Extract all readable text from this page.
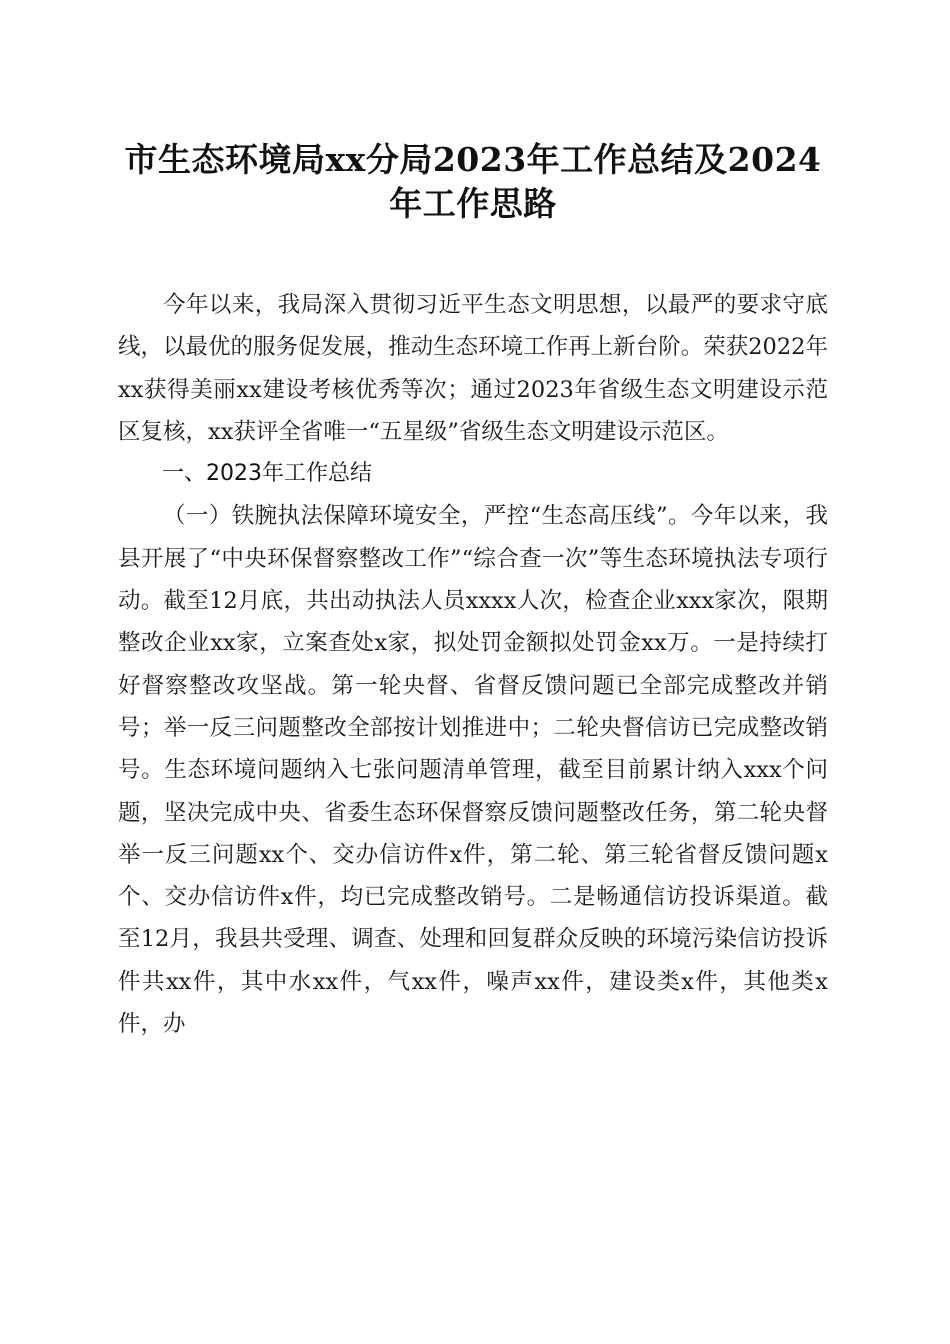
市生态环境局xx分局2023年工作总结及2024
年工作思路

今年以来，我局深入贯彻习近平生态文明思想，以最严的要求守底线，以最优的服务促发展，推动生态环境工作再上新台阶。荣获2022年xx获得美丽xx建设考核优秀等次；通过2023年省级生态文明建设示范区复核，xx获评全省唯一“五星级”省级生态文明建设示范区。

一、2023年工作总结

（一）铁腕执法保障环境安全，严控“生态高压线”。今年以来，我县开展了“中央环保督察整改工作”“综合查一次”等生态环境执法专项行动。截至12月底，共出动执法人员xxxx人次，检查企业xxx家次，限期整改企业xx家，立案查处x家，拟处罚金额拟处罚金xx万。一是持续打好督察整改攻坚战。第一轮央督、省督反馈问题已全部完成整改并销号；举一反三问题整改全部按计划推进中；二轮央督信访已完成整改销号。生态环境问题纳入七张问题清单管理，截至目前累计纳入xxx个问题，坚决完成中央、省委生态环保督察反馈问题整改任务，第二轮央督举一反三问题xx个、交办信访件x件，第二轮、第三轮省督反馈问题x个、交办信访件x件，均已完成整改销号。二是畅通信访投诉渠道。截至12月，我县共受理、调查、处理和回复群众反映的环境污染信访投诉件共xx件，其中水xx件，气xx件，噪声xx件，建设类x件，其他类x件，办
